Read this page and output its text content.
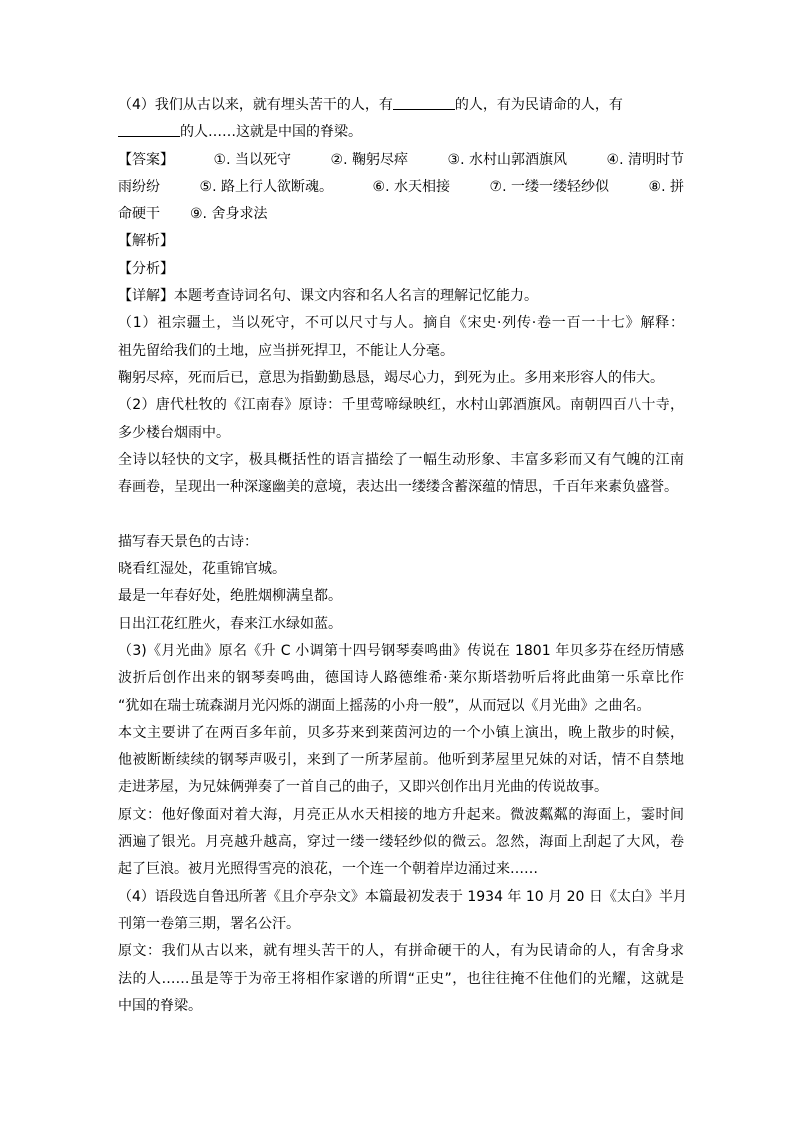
（4）我们从古以来，就有埋头苦干的人，有	的人，有为民请命的人，有
的人……这就是中国的脊梁。
【答案】	①. 当以死守	②. 鞠躬尽瘁	③. 水村山郭酒旗风	④. 清明时节
雨纷纷	⑤. 路上行人欲断魂。	⑥. 水天相接	⑦. 一缕一缕轻纱似	⑧. 拼
命硬干 ⑨. 舍身求法
【解析】
【分析】
【详解】本题考查诗词名句、课文内容和名人名言的理解记忆能力。
（1）祖宗疆土，当以死守，不可以尺寸与人。摘自《宋史·列传·卷一百一十七》解释：
祖先留给我们的土地，应当拼死捍卫，不能让人分毫。
鞠躬尽瘁，死而后已，意思为指勤勤恳恳，竭尽心力，到死为止。多用来形容人的伟大。
（2）唐代杜牧的《江南春》原诗：千里莺啼绿映红，水村山郭酒旗风。南朝四百八十寺，
多少楼台烟雨中。
全诗以轻快的文字，极具概括性的语言描绘了一幅生动形象、丰富多彩而又有气魄的江南
春画卷，呈现出一种深邃幽美的意境，表达出一缕缕含蓄深蕴的情思，千百年来素负盛誉。
描写春天景色的古诗：
晓看红湿处，花重锦官城。
最是一年春好处，绝胜烟柳满皇都。
日出江花红胜火，春来江水绿如蓝。
（3)《月光曲》原名《升 C 小调第十四号钢琴奏鸣曲》传说在 1801 年贝多芬在经历情感
波折后创作出来的钢琴奏鸣曲，德国诗人路德维希·莱尔斯塔勃听后将此曲第一乐章比作
“犹如在瑞士琉森湖月光闪烁的湖面上摇荡的小舟一般”，从而冠以《月光曲》之曲名。
本文主要讲了在两百多年前，贝多芬来到莱茵河边的一个小镇上演出，晚上散步的时候，
他被断断续续的钢琴声吸引，来到了一所茅屋前。他听到茅屋里兄妹的对话，情不自禁地
走进茅屋，为兄妹俩弹奏了一首自己的曲子，又即兴创作出月光曲的传说故事。
原文：他好像面对着大海，月亮正从水天相接的地方升起来。微波粼粼的海面上，霎时间
洒遍了银光。月亮越升越高，穿过一缕一缕轻纱似的微云。忽然，海面上刮起了大风，卷
起了巨浪。被月光照得雪亮的浪花，一个连一个朝着岸边涌过来……
（4）语段选自鲁迅所著《且介亭杂文》本篇最初发表于 1934 年 10 月 20 日《太白》半月
刊第一卷第三期，署名公汗。
原文：我们从古以来，就有埋头苦干的人，有拼命硬干的人，有为民请命的人，有舍身求
法的人……虽是等于为帝王将相作家谱的所谓“正史”，也往往掩不住他们的光耀，这就是
中国的脊梁。
